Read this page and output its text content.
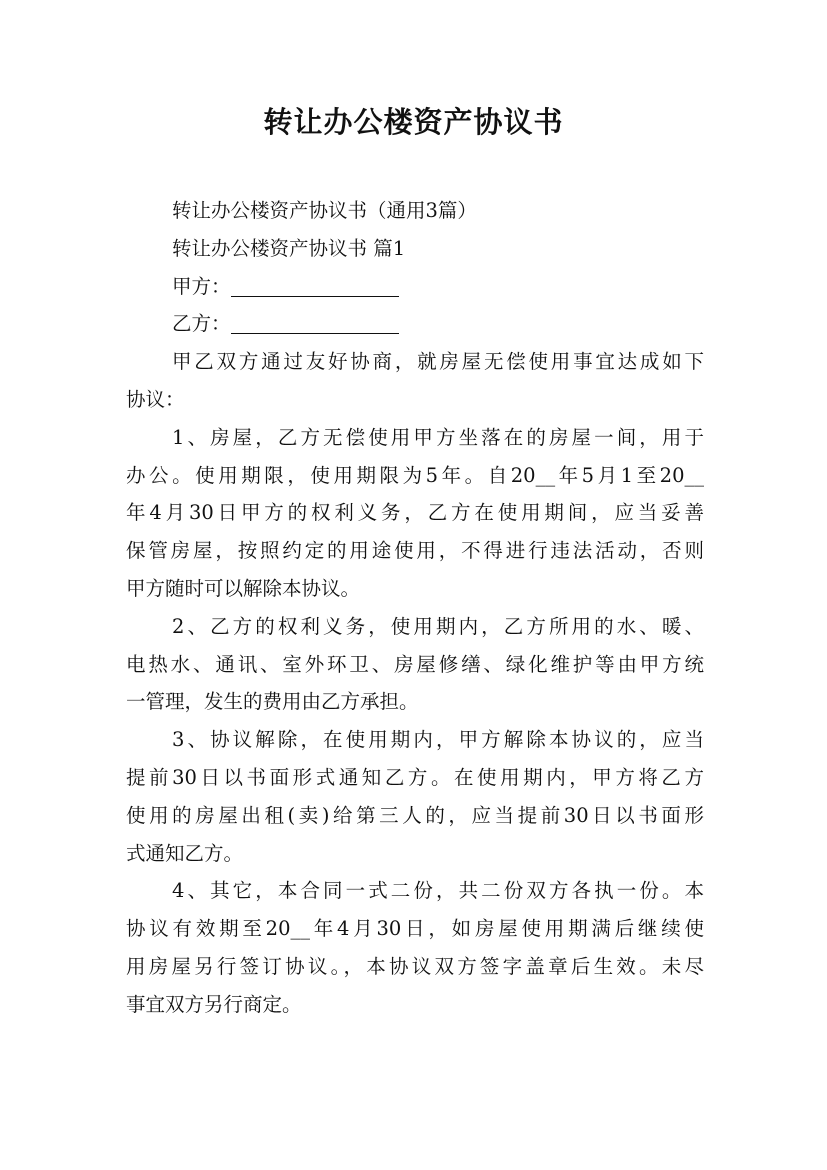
转让办公楼资产协议书

转让办公楼资产协议书（通用3篇）

转让办公楼资产协议书 篇1

甲方：

乙方：

甲乙双方通过友好协商，就房屋无偿使用事宜达成如下

协议：

1、房屋，乙方无偿使用甲方坐落在的房屋一间，用于

办公。使用期限，使用期限为5年。自20__年5月1至20__

年4月30日甲方的权利义务，乙方在使用期间，应当妥善

保管房屋，按照约定的用途使用，不得进行违法活动，否则

甲方随时可以解除本协议。

2、乙方的权利义务，使用期内，乙方所用的水、暖、

电热水、通讯、室外环卫、房屋修缮、绿化维护等由甲方统

一管理，发生的费用由乙方承担。

3、协议解除，在使用期内，甲方解除本协议的，应当

提前30日以书面形式通知乙方。在使用期内，甲方将乙方

使用的房屋出租(卖)给第三人的，应当提前30日以书面形

式通知乙方。

4、其它，本合同一式二份，共二份双方各执一份。本

协议有效期至20__年4月30日，如房屋使用期满后继续使

用房屋另行签订协议。，本协议双方签字盖章后生效。未尽

事宜双方另行商定。
